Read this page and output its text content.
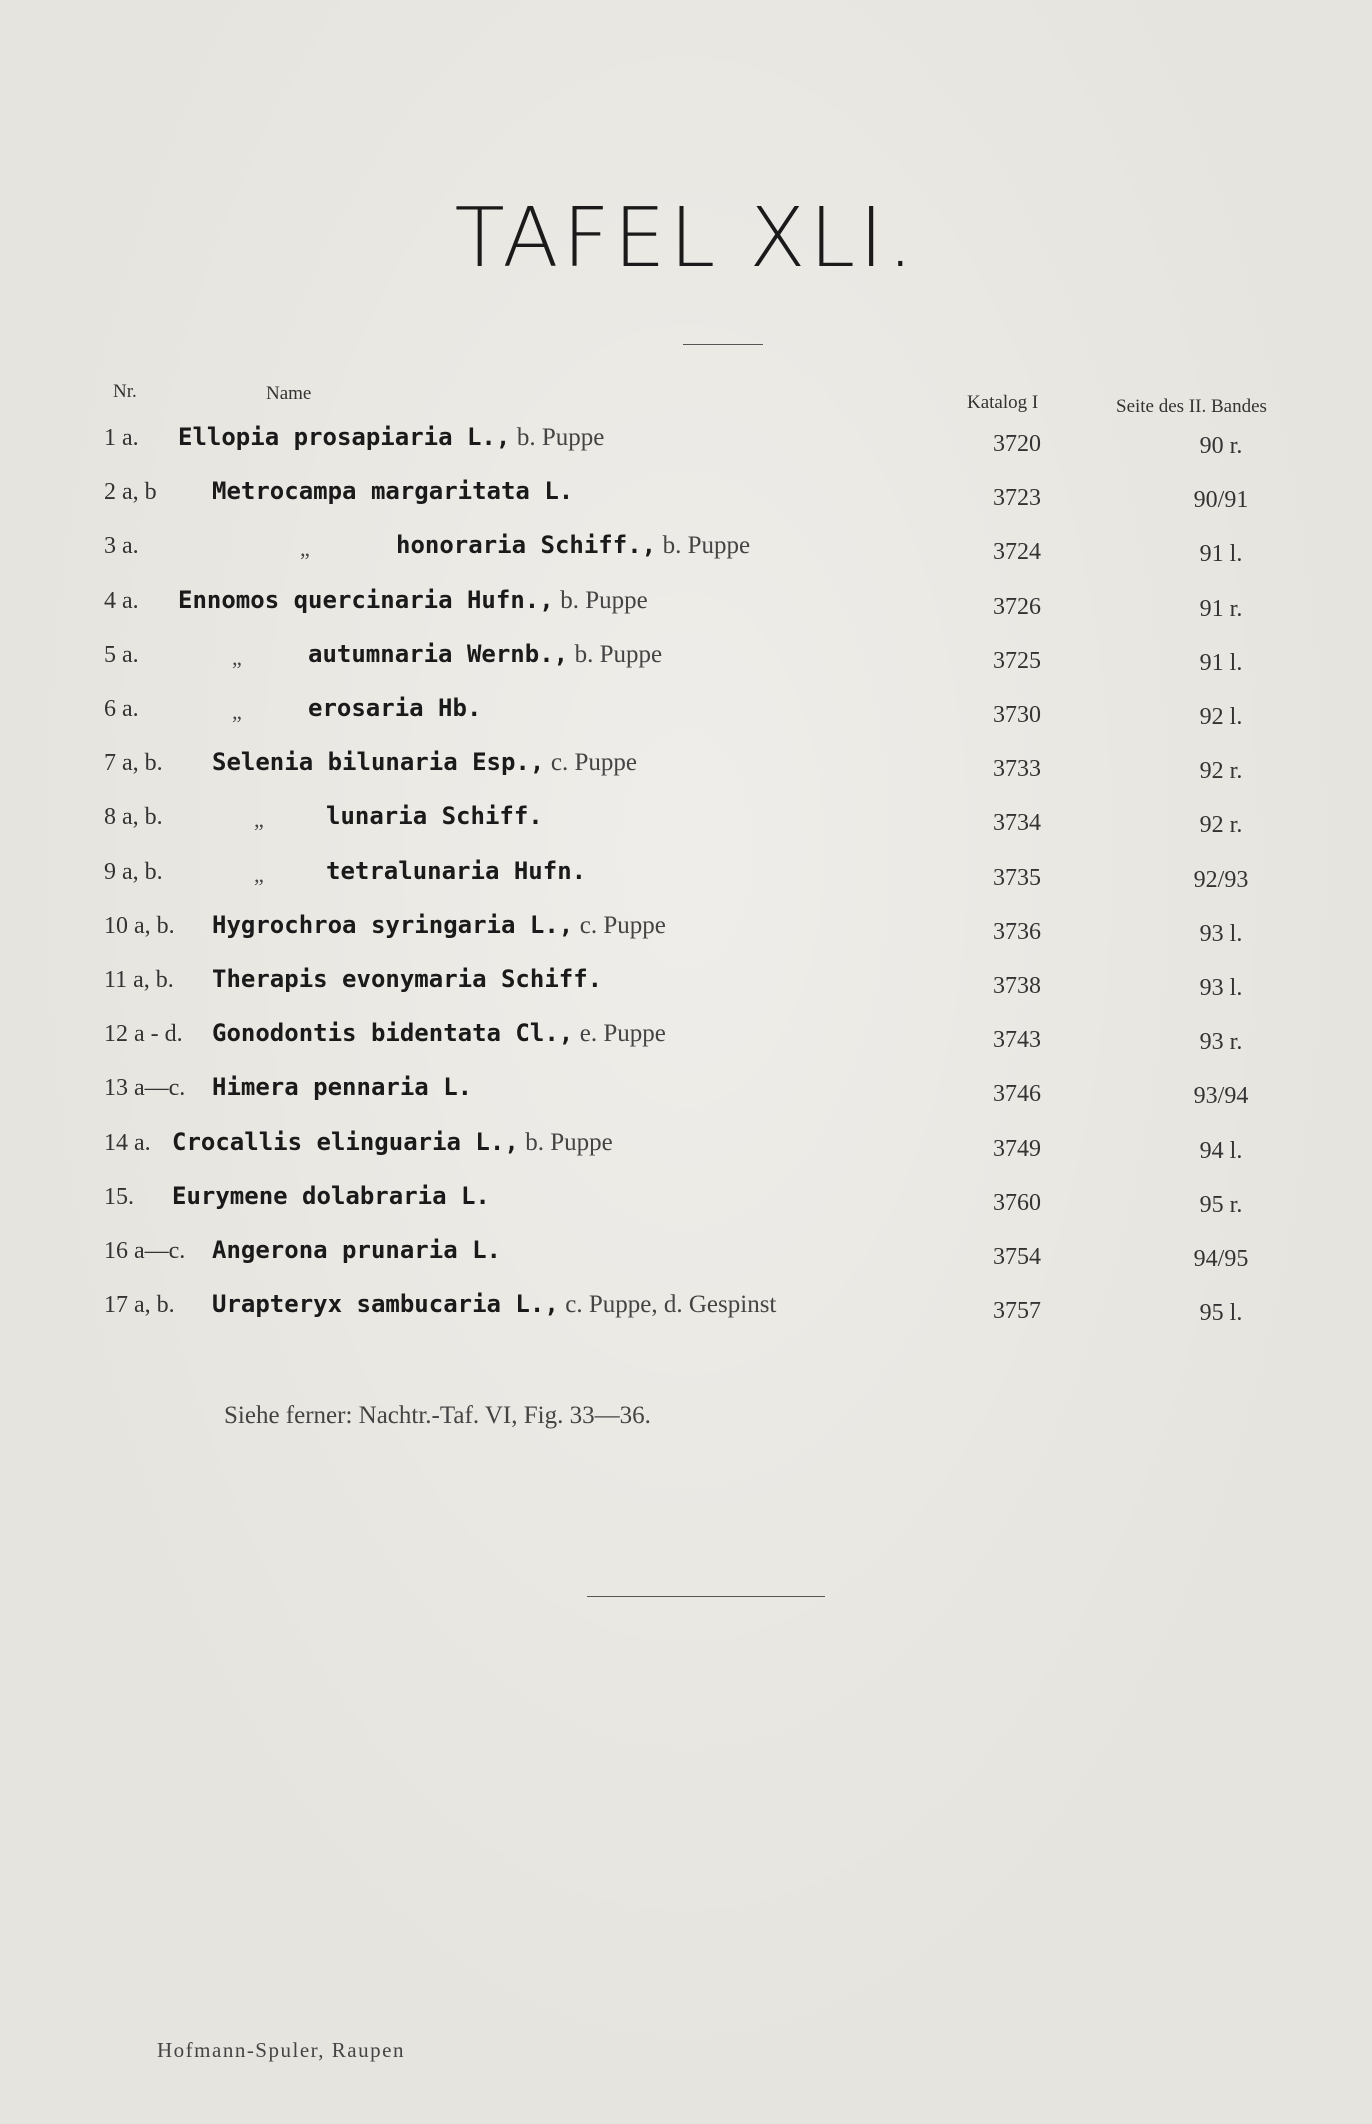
TAFEL XLI.
Nr.	Name	Katalog I	Seite des II. Bandes
1 a. Ellopia prosapiaria L., b. Puppe	3720	90 r.
2 a, b Metrocampa margaritata L.	3723	90/91
3 a.	„	honoraria Schiff., b. Puppe	3724	91 l.
4 a. Ennomos quercinaria Hufn., b. Puppe	3726	91 r.
5 a.	„	autumnaria Wernb., b. Puppe	3725	91 l.
6 a.	„	erosaria Hb.	3730	92 l.
7 a, b. Selenia bilunaria Esp., c. Puppe	3733	92 r.
8 a, b.	„	lunaria Schiff.	3734	92 r.
9 a, b.	„	tetralunaria Hufn.	3735	92/93
10 a, b. Hygrochroa syringaria L., c. Puppe	3736	93 l.
11 a, b. Therapis evonymaria Schiff.	3738	93 l.
12 a - d. Gonodontis bidentata Cl., e. Puppe	3743	93 r.
13 a—c. Himera pennaria L.	3746	93/94
14 a. Crocallis elinguaria L., b. Puppe	3749	94 l.
15. Eurymene dolabraria L.	3760	95 r.
16 a—c. Angerona prunaria L.	3754	94/95
17 a, b. Urapteryx sambucaria L., c. Puppe, d. Gespinst	3757	95 l.
Siehe ferner: Nachtr.-Taf. VI, Fig. 33—36.
Hofmann-Spuler, Raupen
